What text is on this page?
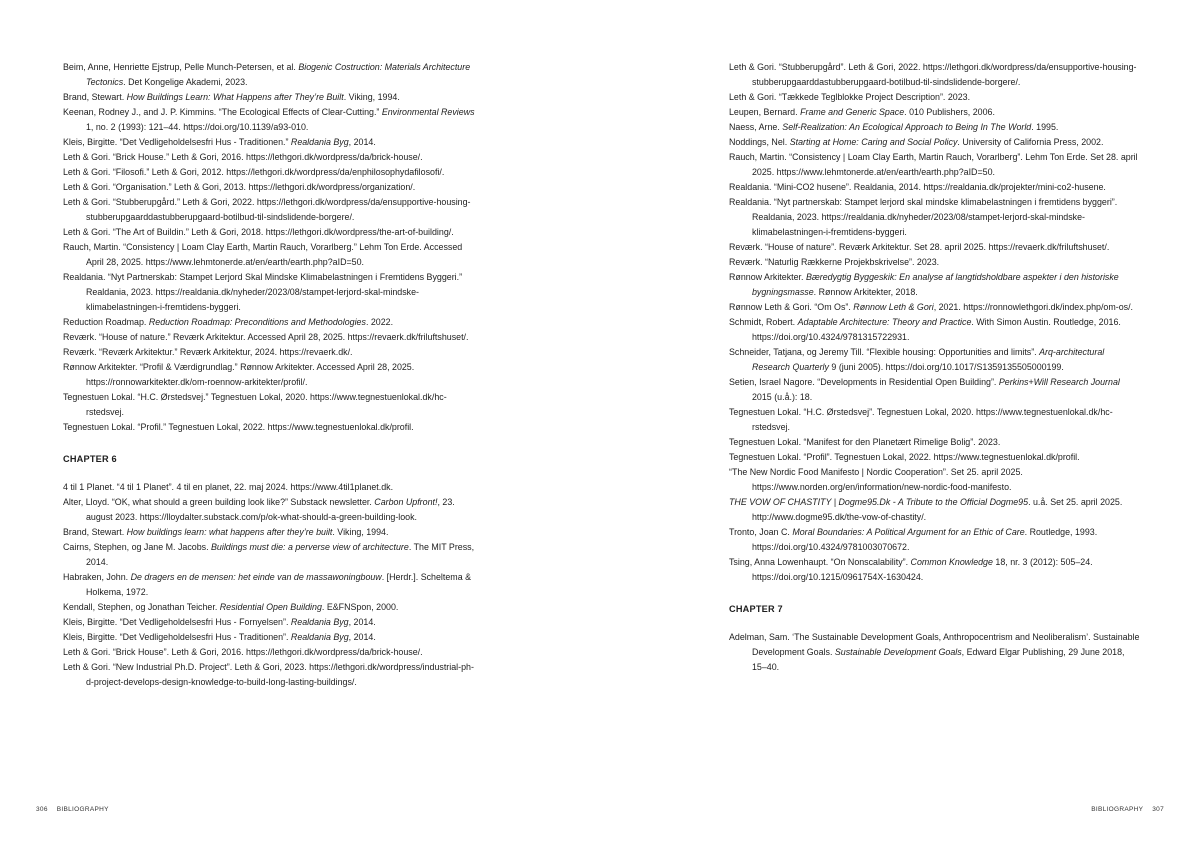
Beim, Anne, Henriette Ejstrup, Pelle Munch-Petersen, et al. Biogenic Costruction: Materials Architecture Tectonics. Det Kongelige Akademi, 2023.
Brand, Stewart. How Buildings Learn: What Happens after They’re Built. Viking, 1994.
Keenan, Rodney J., and J. P. Kimmins. “The Ecological Effects of Clear-Cutting.” Environmental Reviews 1, no. 2 (1993): 121–44. https://doi.org/10.1139/a93-010.
Kleis, Birgitte. “Det Vedligeholdelsesfri Hus - Traditionen.” Realdania Byg, 2014.
Leth & Gori. “Brick House.” Leth & Gori, 2016. https://lethgori.dk/wordpress/da/brick-house/.
Leth & Gori. “Filosofi.” Leth & Gori, 2012. https://lethgori.dk/wordpress/da/enphilosophydafilosofi/.
Leth & Gori. “Organisation.” Leth & Gori, 2013. https://lethgori.dk/wordpress/organization/.
Leth & Gori. “Stubberupgård.” Leth & Gori, 2022. https://lethgori.dk/wordpress/da/ensupportive-housing-stubberupgaarddastubberupgaard-botilbud-til-sindslidende-borgere/.
Leth & Gori. “The Art of Buildin.” Leth & Gori, 2018. https://lethgori.dk/wordpress/the-art-of-building/.
Rauch, Martin. “Consistency | Loam Clay Earth, Martin Rauch, Vorarlberg.” Lehm Ton Erde. Accessed April 28, 2025. https://www.lehmtonerde.at/en/earth/earth.php?aID=50.
Realdania. “Nyt Partnerskab: Stampet Lerjord Skal Mindske Klimabelastningen i Fremtidens Byggeri.” Realdania, 2023. https://realdania.dk/nyheder/2023/08/stampet-lerjord-skal-mindske-klimabelastningen-i-fremtidens-byggeri.
Reduction Roadmap. Reduction Roadmap: Preconditions and Methodologies. 2022.
Reværk. “House of nature.” Reværk Arkitektur. Accessed April 28, 2025. https://revaerk.dk/friluftshuset/.
Reværk. “Reværk Arkitektur.” Reværk Arkitektur, 2024. https://revaerk.dk/.
Rønnow Arkitekter. “Profil & Værdigrundlag.” Rønnow Arkitekter. Accessed April 28, 2025. https://ronnowarkitekter.dk/om-roennow-arkitekter/profil/.
Tegnestuen Lokal. “H.C. Ørstedsvej.” Tegnestuen Lokal, 2020. https://www.tegnestuenlokal.dk/hc-rstedsvej.
Tegnestuen Lokal. “Profil.” Tegnestuen Lokal, 2022. https://www.tegnestuenlokal.dk/profil.
CHAPTER 6
4 til 1 Planet. “4 til 1 Planet”. 4 til en planet, 22. maj 2024. https://www.4til1planet.dk.
Alter, Lloyd. “OK, what should a green building look like?” Substack newsletter. Carbon Upfront!, 23. august 2023. https://lloydalter.substack.com/p/ok-what-should-a-green-building-look.
Brand, Stewart. How buildings learn: what happens after they’re built. Viking, 1994.
Cairns, Stephen, og Jane M. Jacobs. Buildings must die: a perverse view of architecture. The MIT Press, 2014.
Habraken, John. De dragers en de mensen: het einde van de massawoningbouw. [Herdr.]. Scheltema & Holkema, 1972.
Kendall, Stephen, og Jonathan Teicher. Residential Open Building. E&FNSpon, 2000.
Kleis, Birgitte. “Det Vedligeholdelsesfri Hus - Fornyelsen”. Realdania Byg, 2014.
Kleis, Birgitte. “Det Vedligeholdelsesfri Hus - Traditionen”. Realdania Byg, 2014.
Leth & Gori. “Brick House”. Leth & Gori, 2016. https://lethgori.dk/wordpress/da/brick-house/.
Leth & Gori. “New Industrial Ph.D. Project”. Leth & Gori, 2023. https://lethgori.dk/wordpress/industrial-ph-d-project-develops-design-knowledge-to-build-long-lasting-buildings/.
306 BIBLIOGRAPHY
Leth & Gori. “Stubberupgård”. Leth & Gori, 2022. https://lethgori.dk/wordpress/da/ensupportive-housing-stubberupgaarddastubberupgaard-botilbud-til-sindslidende-borgere/.
Leth & Gori. “Tækkede Teglblokke Project Description”. 2023.
Leupen, Bernard. Frame and Generic Space. 010 Publishers, 2006.
Naess, Arne. Self-Realization: An Ecological Approach to Being In The World. 1995.
Noddings, Nel. Starting at Home: Caring and Social Policy. University of California Press, 2002.
Rauch, Martin. “Consistency | Loam Clay Earth, Martin Rauch, Vorarlberg”. Lehm Ton Erde. Set 28. april 2025. https://www.lehmtonerde.at/en/earth/earth.php?aID=50.
Realdania. “Mini-CO2 husene”. Realdania, 2014. https://realdania.dk/projekter/mini-co2-husene.
Realdania. “Nyt partnerskab: Stampet lerjord skal mindske klimabelastningen i fremtidens byggeri”. Realdania, 2023. https://realdania.dk/nyheder/2023/08/stampet-lerjord-skal-mindske-klimabelastningen-i-fremtidens-byggeri.
Reværk. “House of nature”. Reværk Arkitektur. Set 28. april 2025. https://revaerk.dk/friluftshuset/.
Reværk. “Naturlig Rækkerne Projekbskrivelse”. 2023.
Rønnow Arkitekter. Bæredygtig Byggeskik: En analyse af langtidsholdbare aspekter i den historiske bygningsmasse. Rønnow Arkitekter, 2018.
Rønnow Leth & Gori. “Om Os”. Rønnow Leth & Gori, 2021. https://ronnowlethgori.dk/index.php/om-os/.
Schmidt, Robert. Adaptable Architecture: Theory and Practice. With Simon Austin. Routledge, 2016. https://doi.org/10.4324/9781315722931.
Schneider, Tatjana, og Jeremy Till. “Flexible housing: Opportunities and limits”. Arq-architectural Research Quarterly 9 (juni 2005). https://doi.org/10.1017/S1359135505000199.
Setien, Israel Nagore. “Developments in Residential Open Building”. Perkins+Will Research Journal 2015 (u.å.): 18.
Tegnestuen Lokal. “H.C. Ørstedsvej”. Tegnestuen Lokal, 2020. https://www.tegnestuenlokal.dk/hc-rstedsvej.
Tegnestuen Lokal. “Manifest for den Planetært Rimelige Bolig”. 2023.
Tegnestuen Lokal. “Profil”. Tegnestuen Lokal, 2022. https://www.tegnestuenlokal.dk/profil.
“The New Nordic Food Manifesto | Nordic Cooperation”. Set 25. april 2025. https://www.norden.org/en/information/new-nordic-food-manifesto.
THE VOW OF CHASTITY | Dogme95.Dk - A Tribute to the Official Dogme95. u.å. Set 25. april 2025. http://www.dogme95.dk/the-vow-of-chastity/.
Tronto, Joan C. Moral Boundaries: A Political Argument for an Ethic of Care. Routledge, 1993. https://doi.org/10.4324/9781003070672.
Tsing, Anna Lowenhaupt. “On Nonscalability”. Common Knowledge 18, nr. 3 (2012): 505–24. https://doi.org/10.1215/0961754X-1630424.
CHAPTER 7
Adelman, Sam. ‘The Sustainable Development Goals, Anthropocentrism and Neoliberalism’. Sustainable Development Goals. Sustainable Development Goals, Edward Elgar Publishing, 29 June 2018, 15–40.
BIBLIOGRAPHY 307
